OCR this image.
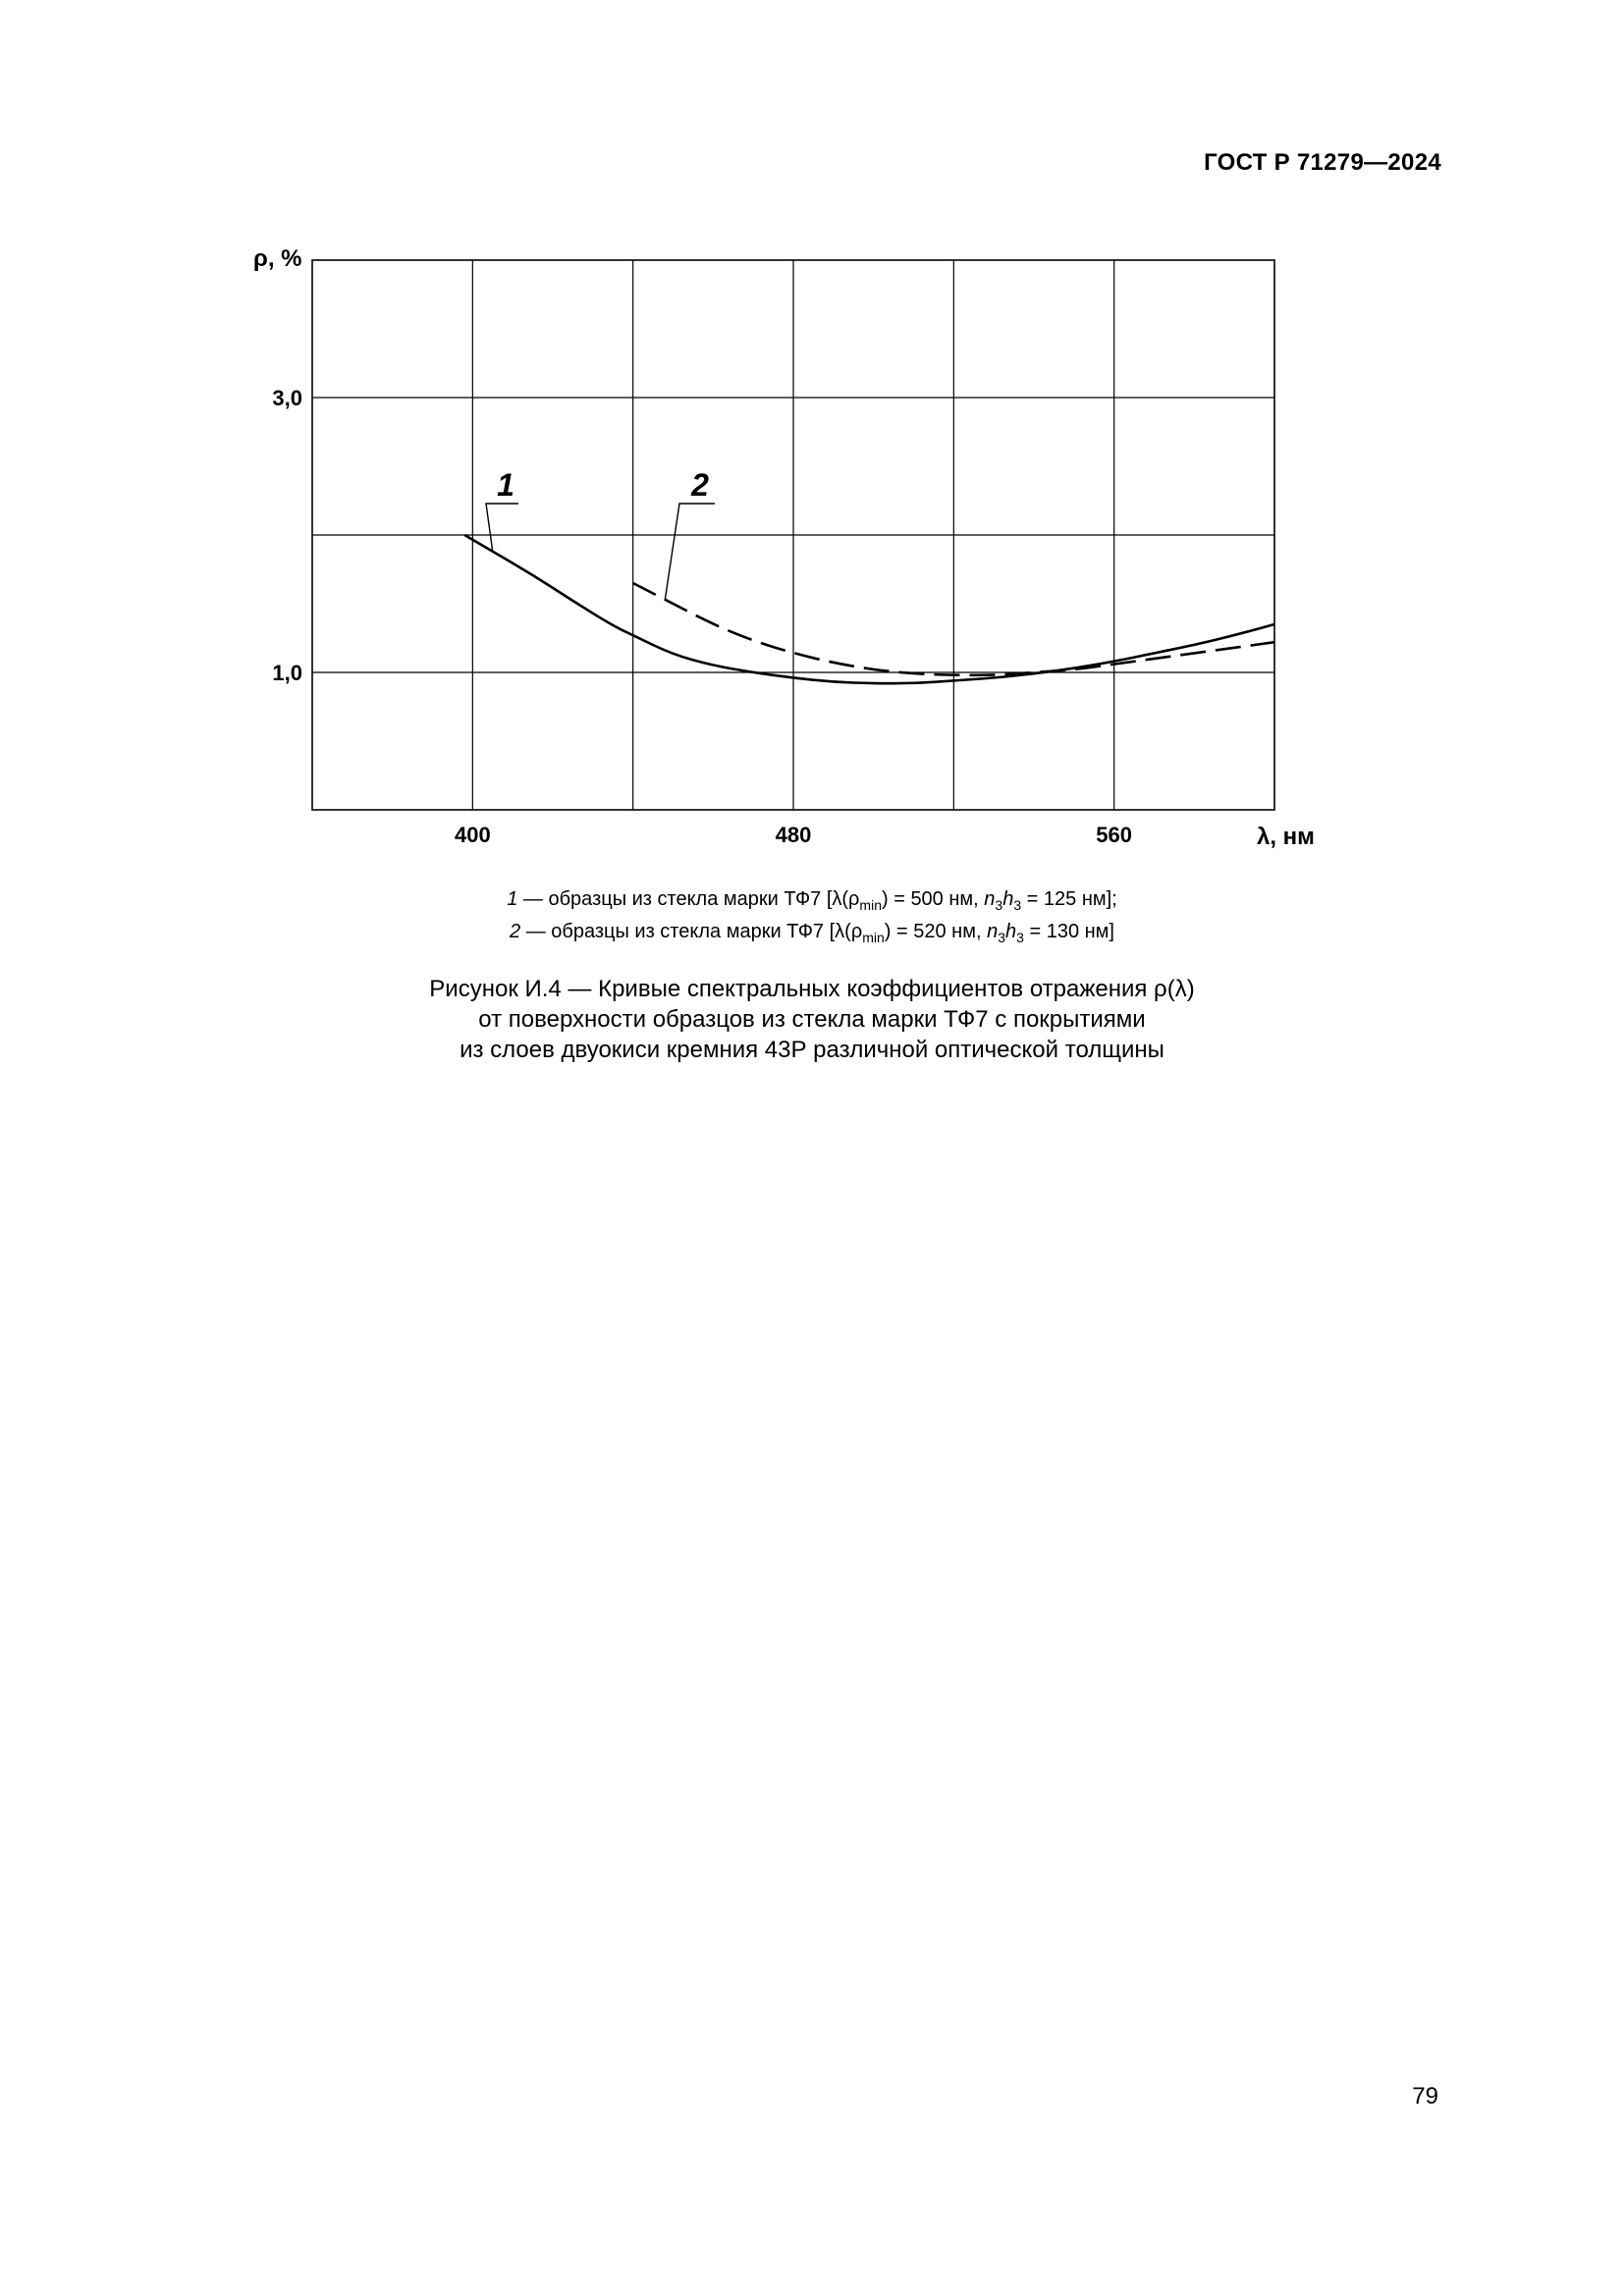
ГОСТ Р 71279—2024
1	2
400	480	560
1,0
3,0
ρ, %
λ, нм
1 — образцы из стекла марки ТФ7 [$\lambda(\rho_{min}) = 500$ нм, $n_3h_3 = 125$ нм];
2 — образцы из стекла марки ТФ7 [$\lambda(\rho_{min}) = 520$ нм, $n_3h_3 = 130$ нм]
Рисунок И.4 — Кривые спектральных коэффициентов отражения ρ(λ)
от поверхности образцов из стекла марки ТФ7 с покрытиями
из слоев двуокиси кремния 43Р различной оптической толщины
79
